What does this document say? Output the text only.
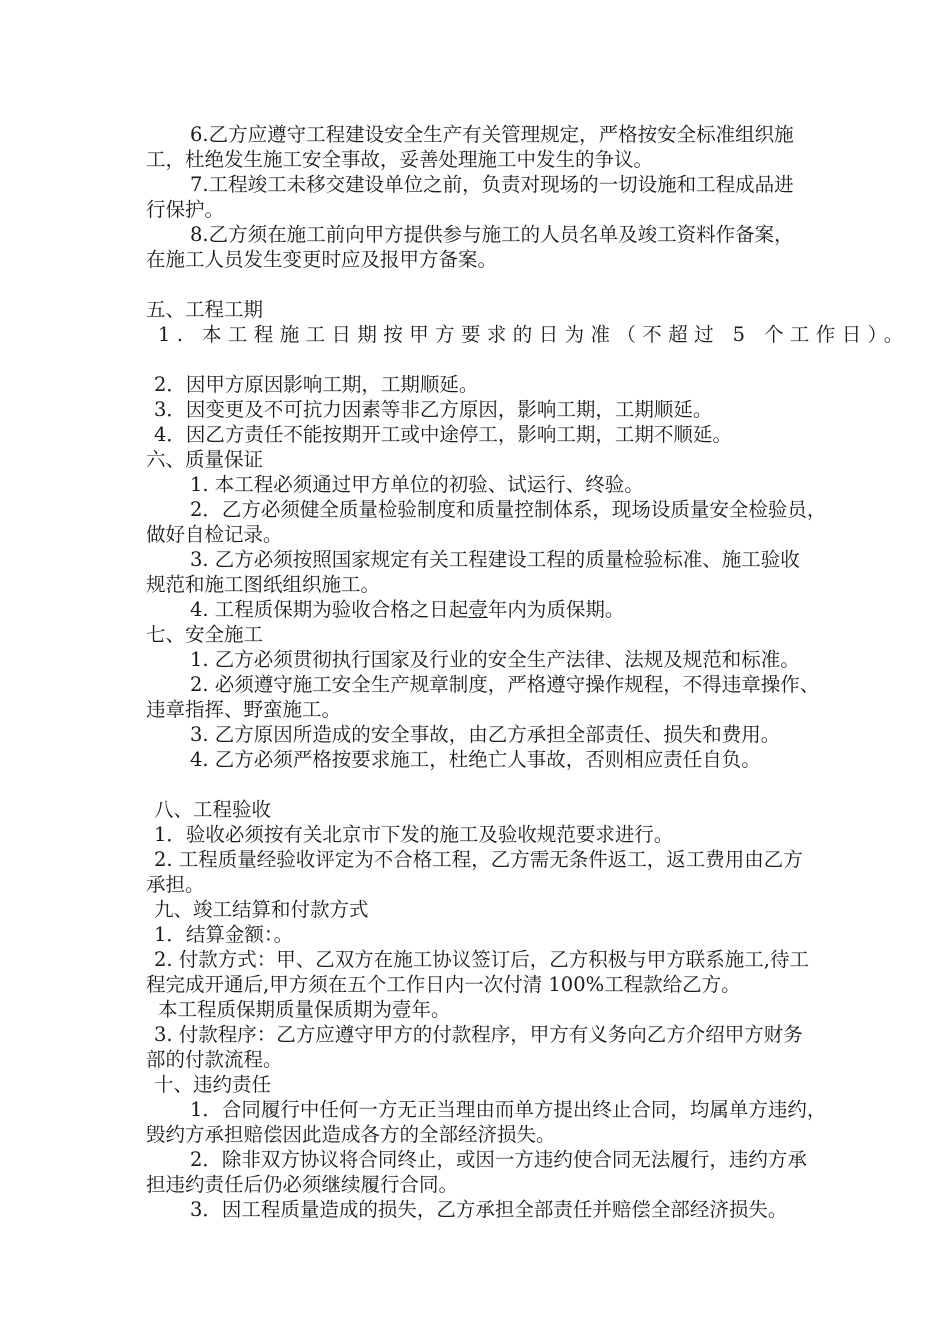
6.乙方应遵守工程建设安全生产有关管理规定，严格按安全标准组织施

工，杜绝发生施工安全事故，妥善处理施工中发生的争议。

7.工程竣工未移交建设单位之前，负责对现场的一切设施和工程成品进

行保护。

8.乙方须在施工前向甲方提供参与施工的人员名单及竣工资料作备案，

在施工人员发生变更时应及报甲方备案。

五、工程工期

1. 本工程施工日期按甲方要求的日为准（不超过 5 个工作日）。

2．因甲方原因影响工期，工期顺延。

3．因变更及不可抗力因素等非乙方原因，影响工期，工期顺延。

4．因乙方责任不能按期开工或中途停工，影响工期，工期不顺延。

六、质量保证

1. 本工程必须通过甲方单位的初验、试运行、终验。

2．乙方必须健全质量检验制度和质量控制体系，现场设质量安全检验员，

做好自检记录。

3. 乙方必须按照国家规定有关工程建设工程的质量检验标准、施工验收

规范和施工图纸组织施工。

4. 工程质保期为验收合格之日起壹年内为质保期。

七、安全施工

1. 乙方必须贯彻执行国家及行业的安全生产法律、法规及规范和标准。

2. 必须遵守施工安全生产规章制度，严格遵守操作规程，不得违章操作、

违章指挥、野蛮施工。

3. 乙方原因所造成的安全事故，由乙方承担全部责任、损失和费用。

4. 乙方必须严格按要求施工，杜绝亡人事故，否则相应责任自负。

八、工程验收

1．验收必须按有关北京市下发的施工及验收规范要求进行。

2. 工程质量经验收评定为不合格工程，乙方需无条件返工，返工费用由乙方

承担。

九、竣工结算和付款方式

1．结算金额：。

2. 付款方式：甲、乙双方在施工协议签订后，乙方积极与甲方联系施工,待工

程完成开通后,甲方须在五个工作日内一次付清 100%工程款给乙方。

本工程质保期质量保质期为壹年。

3. 付款程序：乙方应遵守甲方的付款程序，甲方有义务向乙方介绍甲方财务

部的付款流程。

十、违约责任

1．合同履行中任何一方无正当理由而单方提出终止合同，均属单方违约，

毁约方承担赔偿因此造成各方的全部经济损失。

2．除非双方协议将合同终止，或因一方违约使合同无法履行，违约方承

担违约责任后仍必须继续履行合同。

3．因工程质量造成的损失，乙方承担全部责任并赔偿全部经济损失。
